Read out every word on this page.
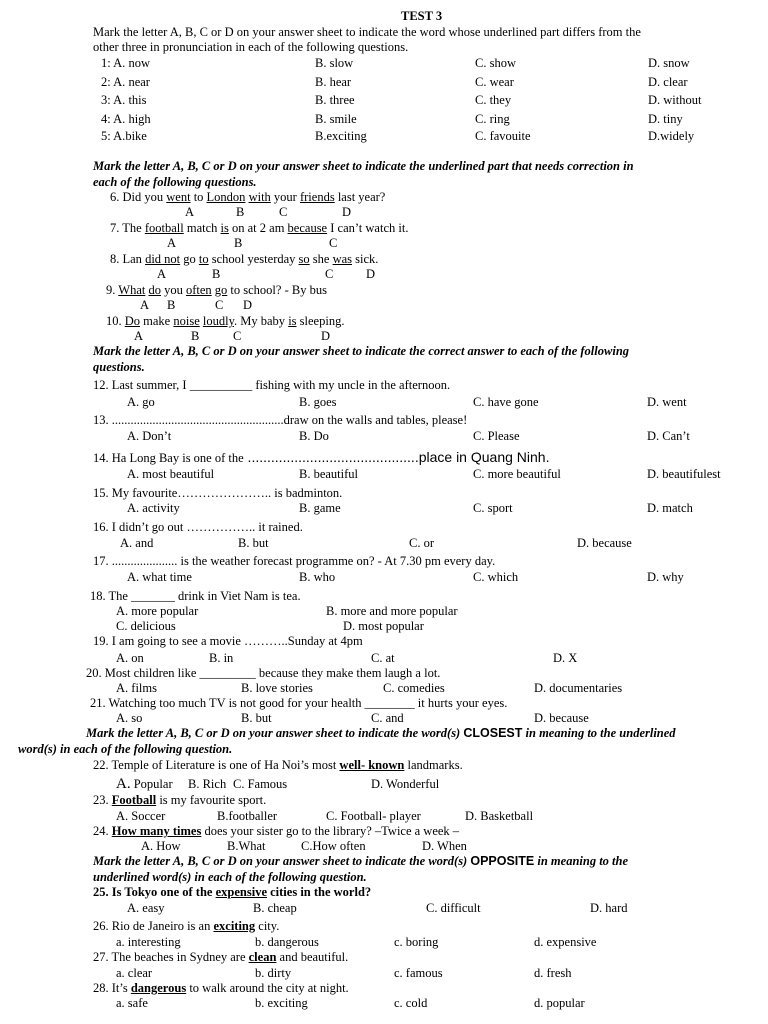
TEST 3
Mark the letter A, B, C or D on your answer sheet to indicate the word whose underlined part differs from the
other three in pronunciation in each of the following questions.
1: A. now	B. slow	C. show	D. snow
2: A. near	B. hear	C. wear	D. clear
3: A. this	B. three	C. they	D. without
4: A. high	B. smile	C. ring	D. tiny
5: A.bike	B.exciting	C. favouite	D.widely
Mark the letter A, B, C or D on your answer sheet to indicate the underlined part that needs correction in
each of the following questions.
6. Did you went to London with your friends last year?
A	B	C	D
7. The football match is on at 2 am because I can’t watch it.
A	B	C
8. Lan did not go to school yesterday so she was sick.
A	B	C	D
9. What do you often go to school? - By bus
A B	C D
10. Do make noise loudly. My baby is sleeping.
A	B	C	D
Mark the letter A, B, C or D on your answer sheet to indicate the correct answer to each of the following
questions.
12. Last summer, I __________ fishing with my uncle in the afternoon.
A. go	B. goes	C. have gone	D. went
13. .......................................................draw on the walls and tables, please!
A. Don’t	B. Do	C. Please	D. Can’t
14. Ha Long Bay is one of the ............................................place in Quang Ninh.
A. most beautiful	B. beautiful	C. more beautiful	D. beautifulest
15. My favourite………………….. is badminton.
A. activity	B. game	C. sport	D. match
16. I didn’t go out …………….. it rained.
A. and	B. but	C. or	D. because
17. ..................... is the weather forecast programme on? - At 7.30 pm every day.
A. what time	B. who	C. which	D. why
18. The _______ drink in Viet Nam is tea.
A. more popular	B. more and more popular
C. delicious	D. most popular
19. I am going to see a movie ………..Sunday at 4pm
A. on	B. in	C. at	D. X
20. Most children like _________ because they make them laugh a lot.
A. films	B. love stories	C. comedies	D. documentaries
21. Watching too much TV is not good for your health ________ it hurts your eyes.
A. so	B. but	C. and	D. because
Mark the letter A, B, C or D on your answer sheet to indicate the word(s) CLOSEST in meaning to the underlined
word(s) in each of the following question.
22. Temple of Literature is one of Ha Noi’s most well- known landmarks.
A. Popular B. Rich C. Famous	D. Wonderful
23. Football is my favourite sport.
A. Soccer	B.footballer	C. Football- player	D. Basketball
24. How many times does your sister go to the library? –Twice a week –
A. How	B.What	C.How often	D. When
Mark the letter A, B, C or D on your answer sheet to indicate the word(s) OPPOSITE in meaning to the
underlined word(s) in each of the following question.
25. Is Tokyo one of the expensive cities in the world?
A. easy	B. cheap	C. difficult	D. hard
26. Rio de Janeiro is an exciting city.
a. interesting	b. dangerous	c. boring	d. expensive
27. The beaches in Sydney are clean and beautiful.
a. clear	b. dirty	c. famous	d. fresh
28. It’s dangerous to walk around the city at night.
a. safe	b. exciting	c. cold	d. popular
